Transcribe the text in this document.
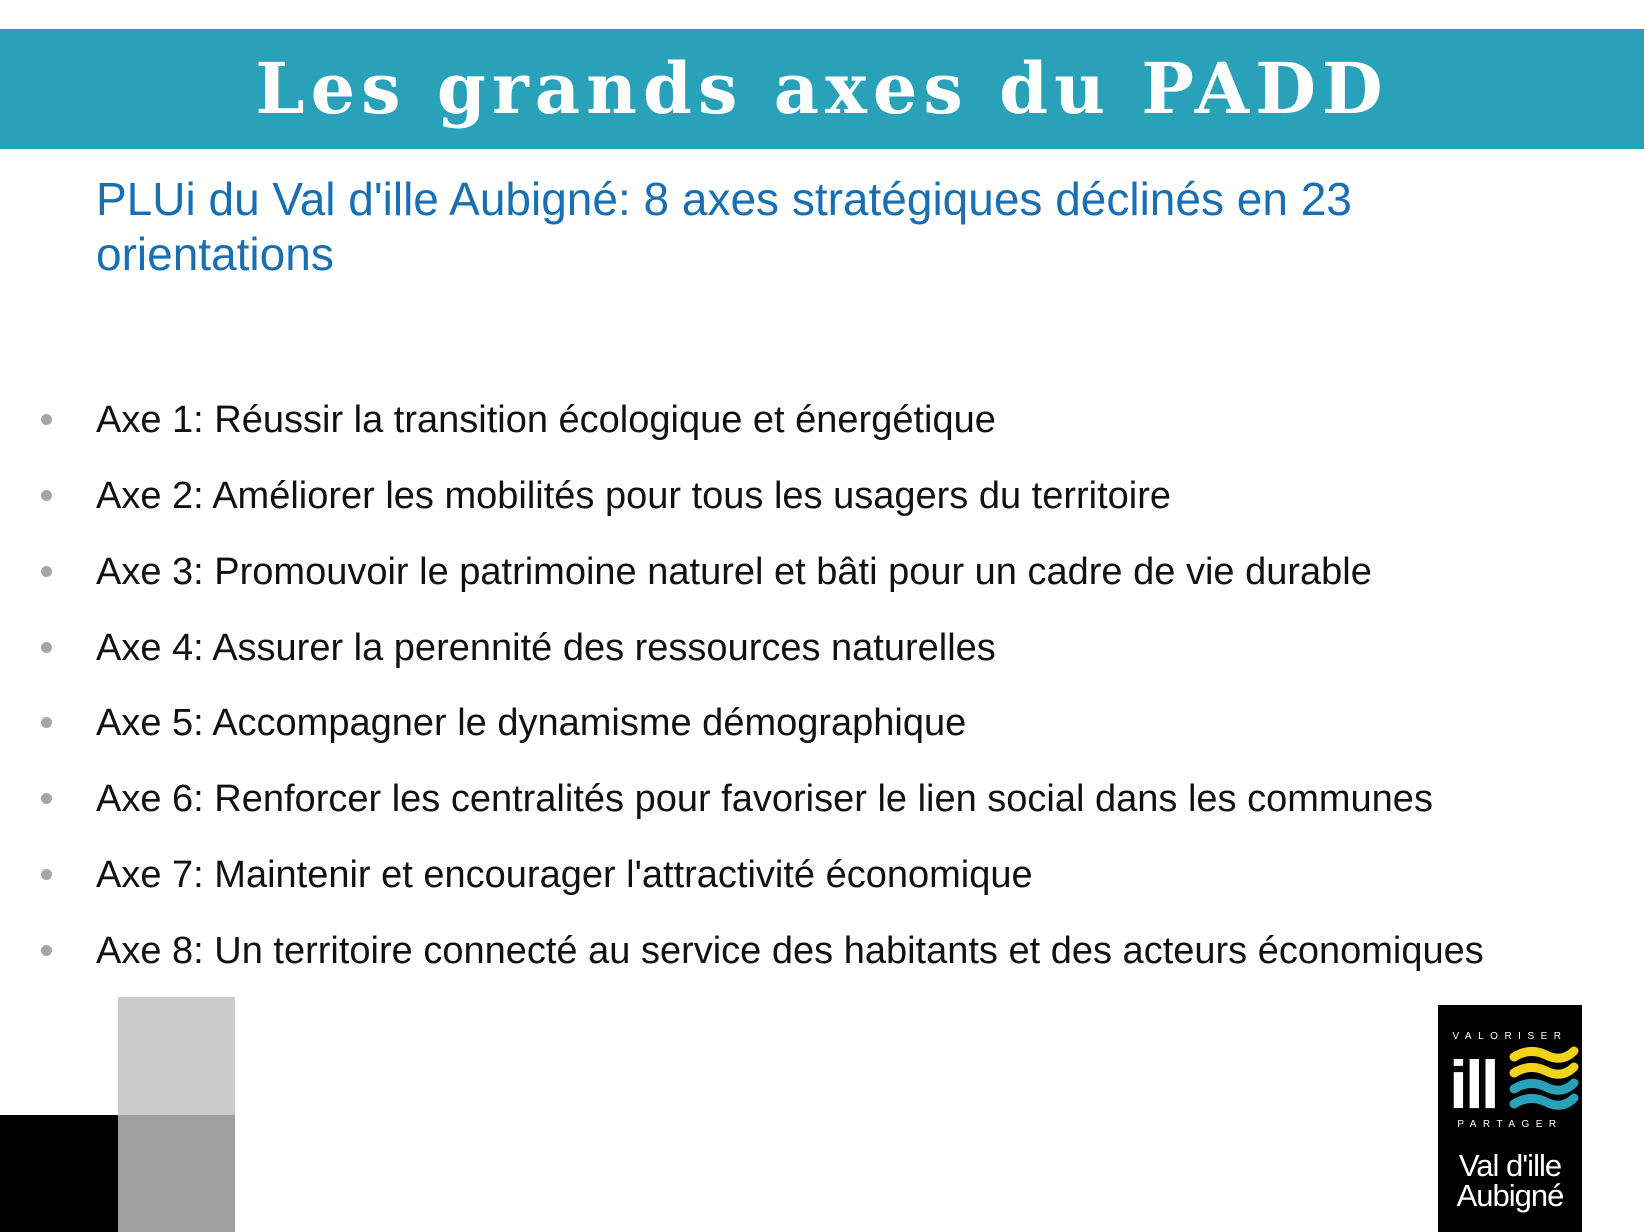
Les grands axes du PADD
PLUi du Val d'ille Aubigné: 8 axes stratégiques déclinés en 23 orientations
Axe 1: Réussir la transition écologique et énergétique
Axe 2: Améliorer les mobilités pour tous les usagers du territoire
Axe 3: Promouvoir le patrimoine naturel et bâti pour un cadre de vie durable
Axe 4: Assurer la perennité des ressources naturelles
Axe 5: Accompagner le dynamisme démographique
Axe 6: Renforcer les centralités pour favoriser le lien social dans les communes
Axe 7: Maintenir et encourager l'attractivité économique
Axe 8: Un territoire connecté au service des habitants et des acteurs économiques
VALORISER
ill
PARTAGER
Val d'ille
Aubigné
